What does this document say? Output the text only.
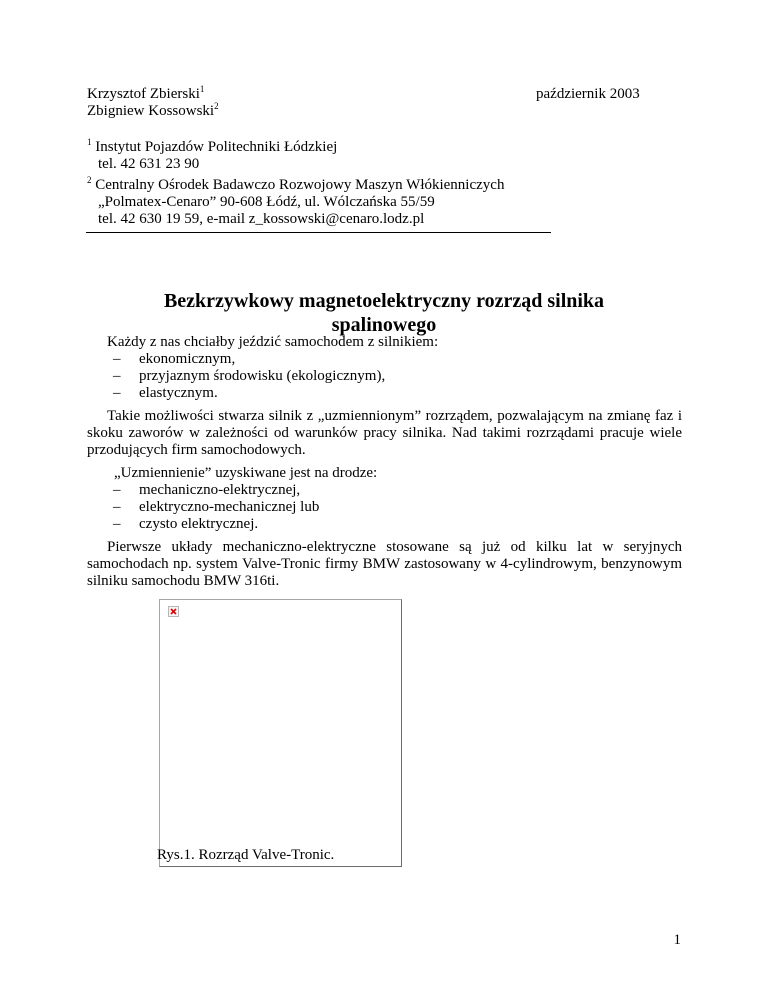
Krzysztof Zbierski$^1$
Zbigniew Kossowski$^2$
październik 2003
$^1$ Instytut Pojazdów Politechniki Łódzkiej
tel. 42 631 23 90
$^2$ Centralny Ośrodek Badawczo Rozwojowy Maszyn Włókienniczych
„Polmatex-Cenaro” 90-608 Łódź, ul. Wólczańska 55/59
tel. 42 630 19 59, e-mail z_kossowski@cenaro.lodz.pl
Bezkrzywkowy magnetoelektryczny rozrząd silnika
spalinowego
Każdy z nas chciałby jeździć samochodem z silnikiem:
– ekonomicznym,
– przyjaznym środowisku (ekologicznym),
– elastycznym.
Takie możliwości stwarza silnik z „uzmiennionym” rozrządem, pozwalającym na zmianę faz i skoku zaworów w zależności od warunków pracy silnika. Nad takimi rozrządami pracuje wiele przodujących firm samochodowych.
„Uzmiennienie” uzyskiwane jest na drodze:
– mechaniczno-elektrycznej,
– elektryczno-mechanicznej lub
– czysto elektrycznej.
Pierwsze układy mechaniczno-elektryczne stosowane są już od kilku lat w seryjnych samochodach np. system Valve-Tronic firmy BMW zastosowany w 4-cylindrowym, benzynowym silniku samochodu BMW 316ti.
Rys.1. Rozrząd Valve-Tronic.
1
